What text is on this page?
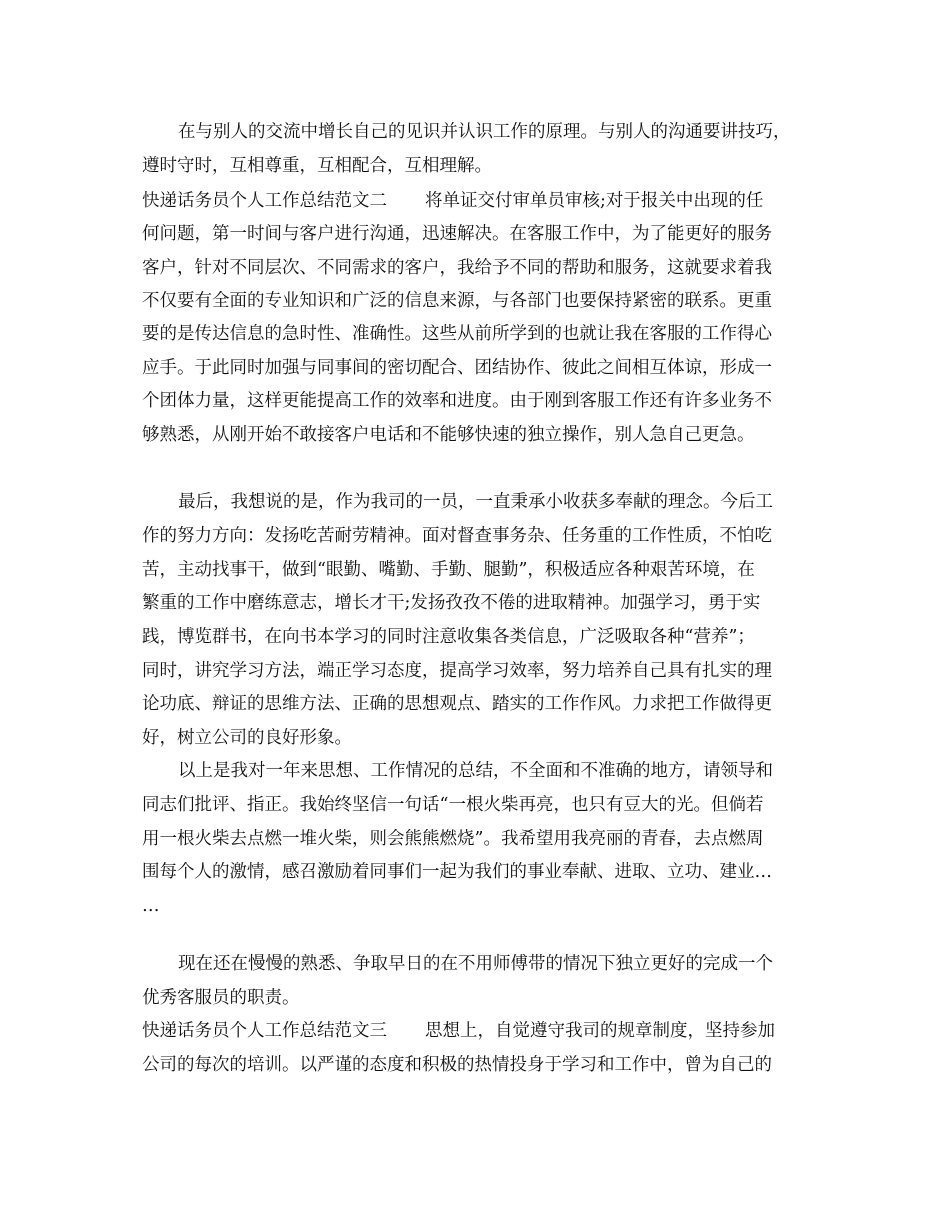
在与别人的交流中增长自己的见识并认识工作的原理。与别人的沟通要讲技巧，
遵时守时，互相尊重，互相配合，互相理解。
快递话务员个人工作总结范文二 将单证交付审单员审核;对于报关中出现的任
何问题，第一时间与客户进行沟通，迅速解决。在客服工作中，为了能更好的服务
客户，针对不同层次、不同需求的客户，我给予不同的帮助和服务，这就要求着我
不仅要有全面的专业知识和广泛的信息来源，与各部门也要保持紧密的联系。更重
要的是传达信息的急时性、准确性。这些从前所学到的也就让我在客服的工作得心
应手。于此同时加强与同事间的密切配合、团结协作、彼此之间相互体谅，形成一
个团体力量，这样更能提高工作的效率和进度。由于刚到客服工作还有许多业务不
够熟悉，从刚开始不敢接客户电话和不能够快速的独立操作，别人急自己更急。
最后，我想说的是，作为我司的一员，一直秉承小收获多奉献的理念。今后工
作的努力方向：发扬吃苦耐劳精神。面对督查事务杂、任务重的工作性质，不怕吃
苦，主动找事干，做到“眼勤、嘴勤、手勤、腿勤”，积极适应各种艰苦环境，在
繁重的工作中磨练意志，增长才干;发扬孜孜不倦的进取精神。加强学习，勇于实
践，博览群书，在向书本学习的同时注意收集各类信息，广泛吸取各种“营养”；
同时，讲究学习方法，端正学习态度，提高学习效率，努力培养自己具有扎实的理
论功底、辩证的思维方法、正确的思想观点、踏实的工作作风。力求把工作做得更
好，树立公司的良好形象。
以上是我对一年来思想、工作情况的总结，不全面和不准确的地方，请领导和
同志们批评、指正。我始终坚信一句话“一根火柴再亮，也只有豆大的光。但倘若
用一根火柴去点燃一堆火柴，则会熊熊燃烧”。我希望用我亮丽的青春，去点燃周
围每个人的激情，感召激励着同事们一起为我们的事业奉献、进取、立功、建业…
…
现在还在慢慢的熟悉、争取早日的在不用师傅带的情况下独立更好的完成一个
优秀客服员的职责。
快递话务员个人工作总结范文三 思想上，自觉遵守我司的规章制度，坚持参加
公司的每次的培训。以严谨的态度和积极的热情投身于学习和工作中，曾为自己的
